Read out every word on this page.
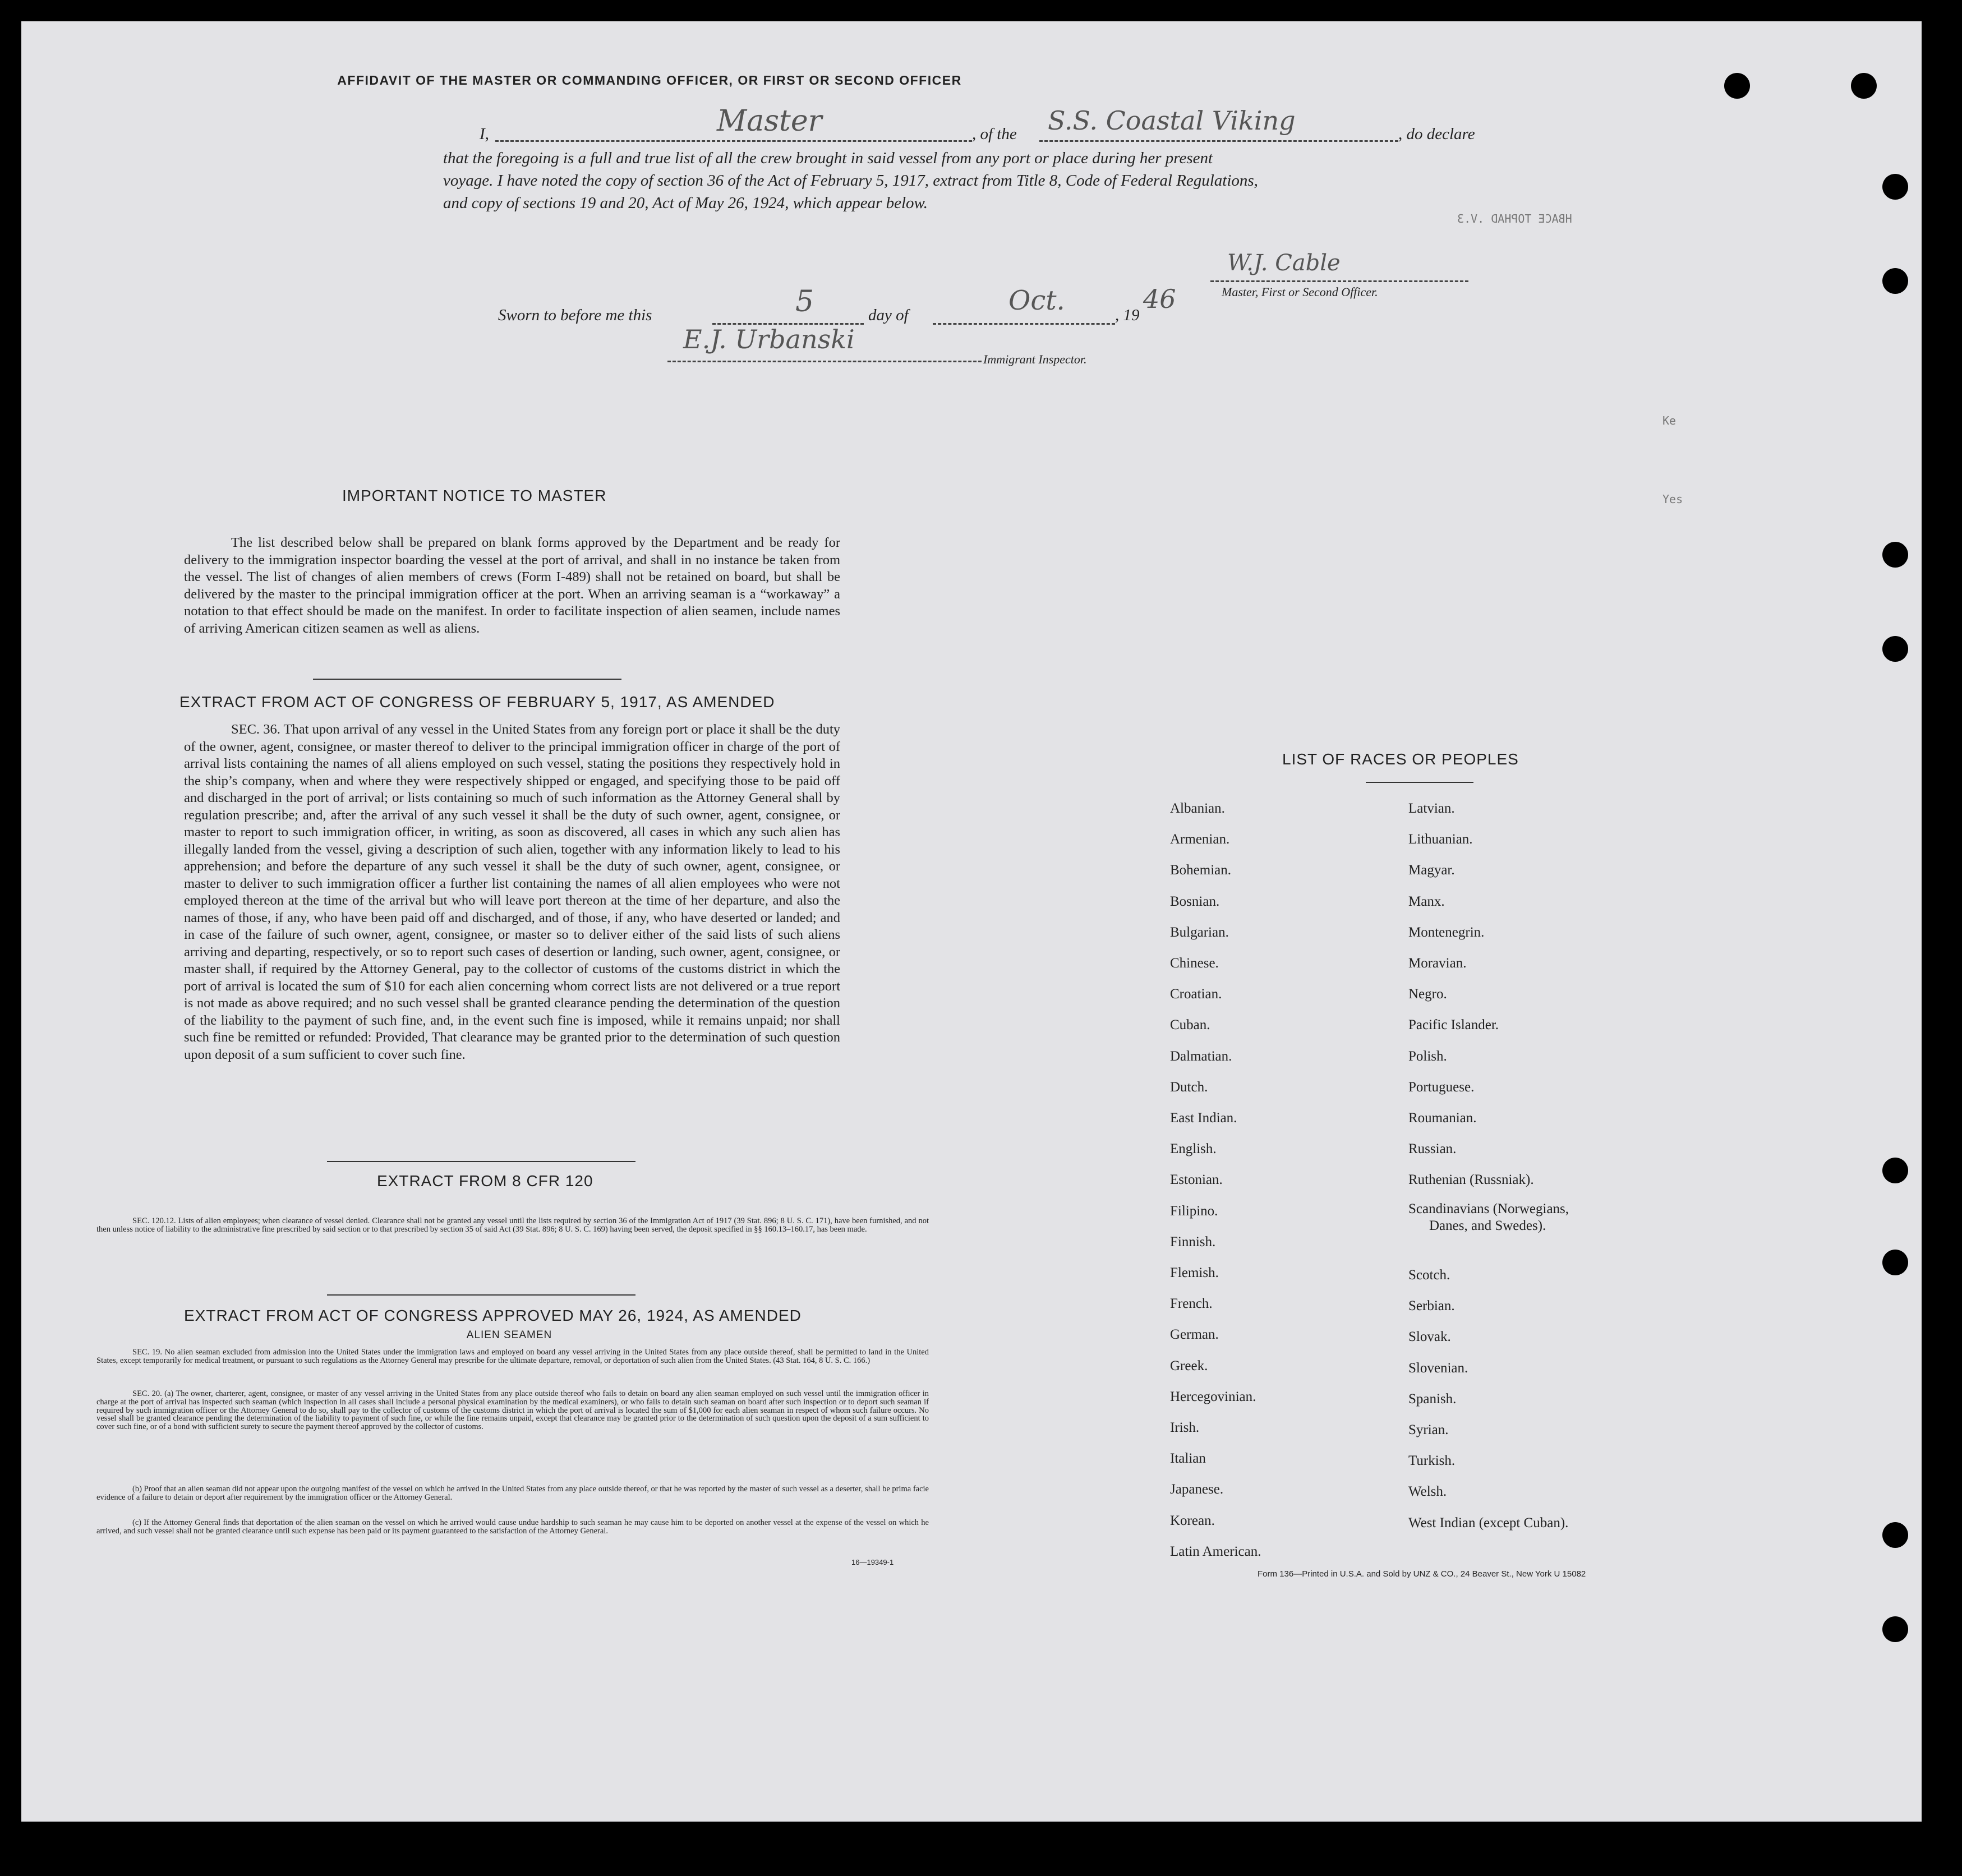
HBACE TOPHAD .V.3
Ke
Yes
AFFIDAVIT OF THE MASTER OR COMMANDING OFFICER, OR FIRST OR SECOND OFFICER
I,	Master	, of the S.S. Coastal Viking	, do declare
that the foregoing is a full and true list of all the crew brought in said vessel from any port or place during her present
voyage. I have noted the copy of section 36 of the Act of February 5, 1917, extract from Title 8, Code of Federal Regulations,
and copy of sections 19 and 20, Act of May 26, 1924, which appear below.
W.J. Cable
Master, First or Second Officer.
Sworn to before me this	5	day of	Oct.	, 19
46
E.J. Urbanski
Immigrant Inspector.
IMPORTANT NOTICE TO MASTER
The list described below shall be prepared on blank forms approved by the Department and be ready for delivery to the immigration inspector boarding the vessel at the port of arrival, and shall in no instance be taken from the vessel. The list of changes of alien members of crews (Form I-489) shall not be retained on board, but shall be delivered by the master to the principal immigration officer at the port. When an arriving seaman is a “workaway” a notation to that effect should be made on the manifest. In order to facilitate inspection of alien seamen, include names of arriving American citizen seamen as well as aliens.
EXTRACT FROM ACT OF CONGRESS OF FEBRUARY 5, 1917, AS AMENDED
SEC. 36. That upon arrival of any vessel in the United States from any foreign port or place it shall be the duty of the owner, agent, consignee, or master thereof to deliver to the principal immigration officer in charge of the port of arrival lists containing the names of all aliens employed on such vessel, stating the positions they respectively hold in the ship’s company, when and where they were respectively shipped or engaged, and specifying those to be paid off and discharged in the port of arrival; or lists containing so much of such information as the Attorney General shall by regulation prescribe; and, after the arrival of any such vessel it shall be the duty of such owner, agent, consignee, or master to report to such immigration officer, in writing, as soon as discovered, all cases in which any such alien has illegally landed from the vessel, giving a description of such alien, together with any information likely to lead to his apprehension; and before the departure of any such vessel it shall be the duty of such owner, agent, consignee, or master to deliver to such immigration officer a further list containing the names of all alien employees who were not employed thereon at the time of the arrival but who will leave port thereon at the time of her departure, and also the names of those, if any, who have been paid off and discharged, and of those, if any, who have deserted or landed; and in case of the failure of such owner, agent, consignee, or master so to deliver either of the said lists of such aliens arriving and departing, respectively, or so to report such cases of desertion or landing, such owner, agent, consignee, or master shall, if required by the Attorney General, pay to the collector of customs of the customs district in which the port of arrival is located the sum of $10 for each alien concerning whom correct lists are not delivered or a true report is not made as above required; and no such vessel shall be granted clearance pending the determination of the question of the liability to the payment of such fine, and, in the event such fine is imposed, while it remains unpaid; nor shall such fine be remitted or refunded: Provided, That clearance may be granted prior to the determination of such question upon deposit of a sum sufficient to cover such fine.
EXTRACT FROM 8 CFR 120
SEC. 120.12. Lists of alien employees; when clearance of vessel denied. Clearance shall not be granted any vessel until the lists required by section 36 of the Immigration Act of 1917 (39 Stat. 896; 8 U. S. C. 171), have been furnished, and not then unless notice of liability to the administrative fine prescribed by said section or to that prescribed by section 35 of said Act (39 Stat. 896; 8 U. S. C. 169) having been served, the deposit specified in §§ 160.13–160.17, has been made.
EXTRACT FROM ACT OF CONGRESS APPROVED MAY 26, 1924, AS AMENDED
ALIEN SEAMEN
SEC. 19. No alien seaman excluded from admission into the United States under the immigration laws and employed on board any vessel arriving in the United States from any place outside thereof, shall be permitted to land in the United States, except temporarily for medical treatment, or pursuant to such regulations as the Attorney General may prescribe for the ultimate departure, removal, or deportation of such alien from the United States. (43 Stat. 164, 8 U. S. C. 166.)
SEC. 20. (a) The owner, charterer, agent, consignee, or master of any vessel arriving in the United States from any place outside thereof who fails to detain on board any alien seaman employed on such vessel until the immigration officer in charge at the port of arrival has inspected such seaman (which inspection in all cases shall include a personal physical examination by the medical examiners), or who fails to detain such seaman on board after such inspection or to deport such seaman if required by such immigration officer or the Attorney General to do so, shall pay to the collector of customs of the customs district in which the port of arrival is located the sum of $1,000 for each alien seaman in respect of whom such failure occurs. No vessel shall be granted clearance pending the determination of the liability to payment of such fine, or while the fine remains unpaid, except that clearance may be granted prior to the determination of such question upon the deposit of a sum sufficient to cover such fine, or of a bond with sufficient surety to secure the payment thereof approved by the collector of customs.
(b) Proof that an alien seaman did not appear upon the outgoing manifest of the vessel on which he arrived in the United States from any place outside thereof, or that he was reported by the master of such vessel as a deserter, shall be prima facie evidence of a failure to detain or deport after requirement by the immigration officer or the Attorney General.
(c) If the Attorney General finds that deportation of the alien seaman on the vessel on which he arrived would cause undue hardship to such seaman he may cause him to be deported on another vessel at the expense of the vessel on which he arrived, and such vessel shall not be granted clearance until such expense has been paid or its payment guaranteed to the satisfaction of the Attorney General.
16—19349-1
LIST OF RACES OR PEOPLES
Form 136—Printed in U.S.A. and Sold by UNZ & CO., 24 Beaver St., New York U 15082
Albanian.
Armenian.
Bohemian.
Bosnian.
Bulgarian.
Chinese.
Croatian.
Cuban.
Dalmatian.
Dutch.
East Indian.
English.
Estonian.
Filipino.
Finnish.
Flemish.
French.
German.
Greek.
Hercegovinian.
Irish.
Italian
Japanese.
Korean.
Latin American.
Latvian.
Lithuanian.
Magyar.
Manx.
Montenegrin.
Moravian.
Negro.
Pacific Islander.
Polish.
Portuguese.
Roumanian.
Russian.
Ruthenian (Russniak).
Scandinavians (Norwegians,
Danes, and Swedes).
Scotch.
Serbian.
Slovak.
Slovenian.
Spanish.
Syrian.
Turkish.
Welsh.
West Indian (except Cuban).
